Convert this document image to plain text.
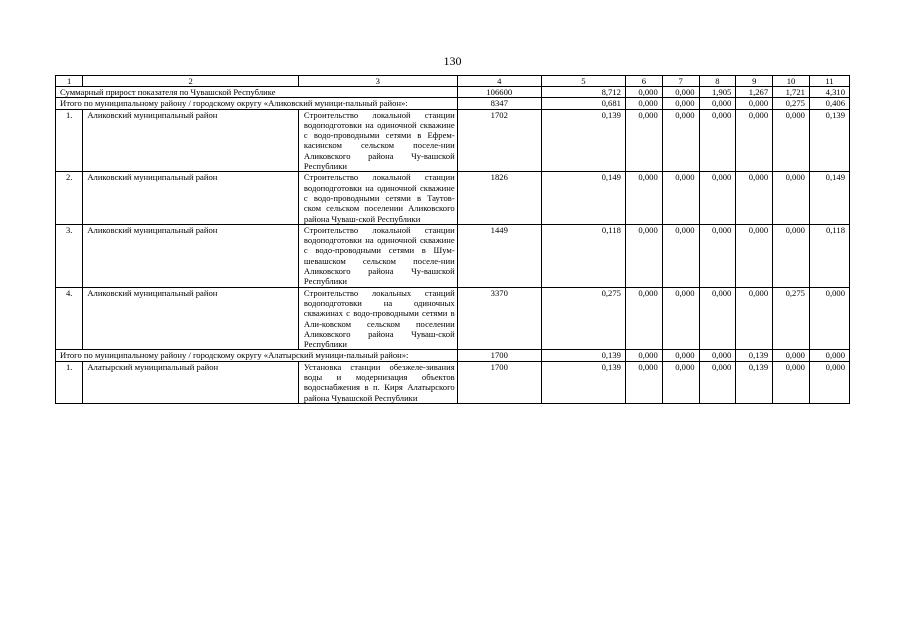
130
1	2	3	4	5	6	7	8	9	10	11
Суммарный прирост показателя по Чувашской Республике			106600	8,712	0,000	0,000	1,905	1,267	1,721	4,310
Итого по муниципальному району / городскому округу «Аликовский муници-пальный район»:			8347	0,681	0,000	0,000	0,000	0,000	0,275	0,406
1.	Аликовский муниципальный район	Строительство локальной станции водоподготовки на одиночной скважине с водо-проводными сетями в Ефрем-касинском сельском поселе-нии Аликовского района Чу-вашской Республики	1702	0,139	0,000	0,000	0,000	0,000	0,000	0,139
2.	Аликовский муниципальный район	Строительство локальной станции водоподготовки на одиночной скважине с водо-проводными сетями в Таутов-ском сельском поселении Аликовского района Чуваш-ской Республики	1826	0,149	0,000	0,000	0,000	0,000	0,000	0,149
3.	Аликовский муниципальный район	Строительство локальной станции водоподготовки на одиночной скважине с водо-проводными сетями в Шум-шевашском сельском поселе-нии Аликовского района Чу-вашской Республики	1449	0,118	0,000	0,000	0,000	0,000	0,000	0,118
4.	Аликовский муниципальный район	Строительство локальных станций водоподготовки на одиночных скважинах с водо-проводными сетями в Али-ковском сельском поселении Аликовского района Чуваш-ской Республики	3370	0,275	0,000	0,000	0,000	0,000	0,275	0,000
Итого по муниципальному району / городскому округу «Алатырский муници-пальный район»:			1700	0,139	0,000	0,000	0,000	0,139	0,000	0,000
1.	Алатырский муниципальный район	Установка станции обезжеле-зивания воды и модернизация объектов водоснабжения в п. Киря Алатырского района Чувашской Республики	1700	0,139	0,000	0,000	0,000	0,139	0,000	0,000
